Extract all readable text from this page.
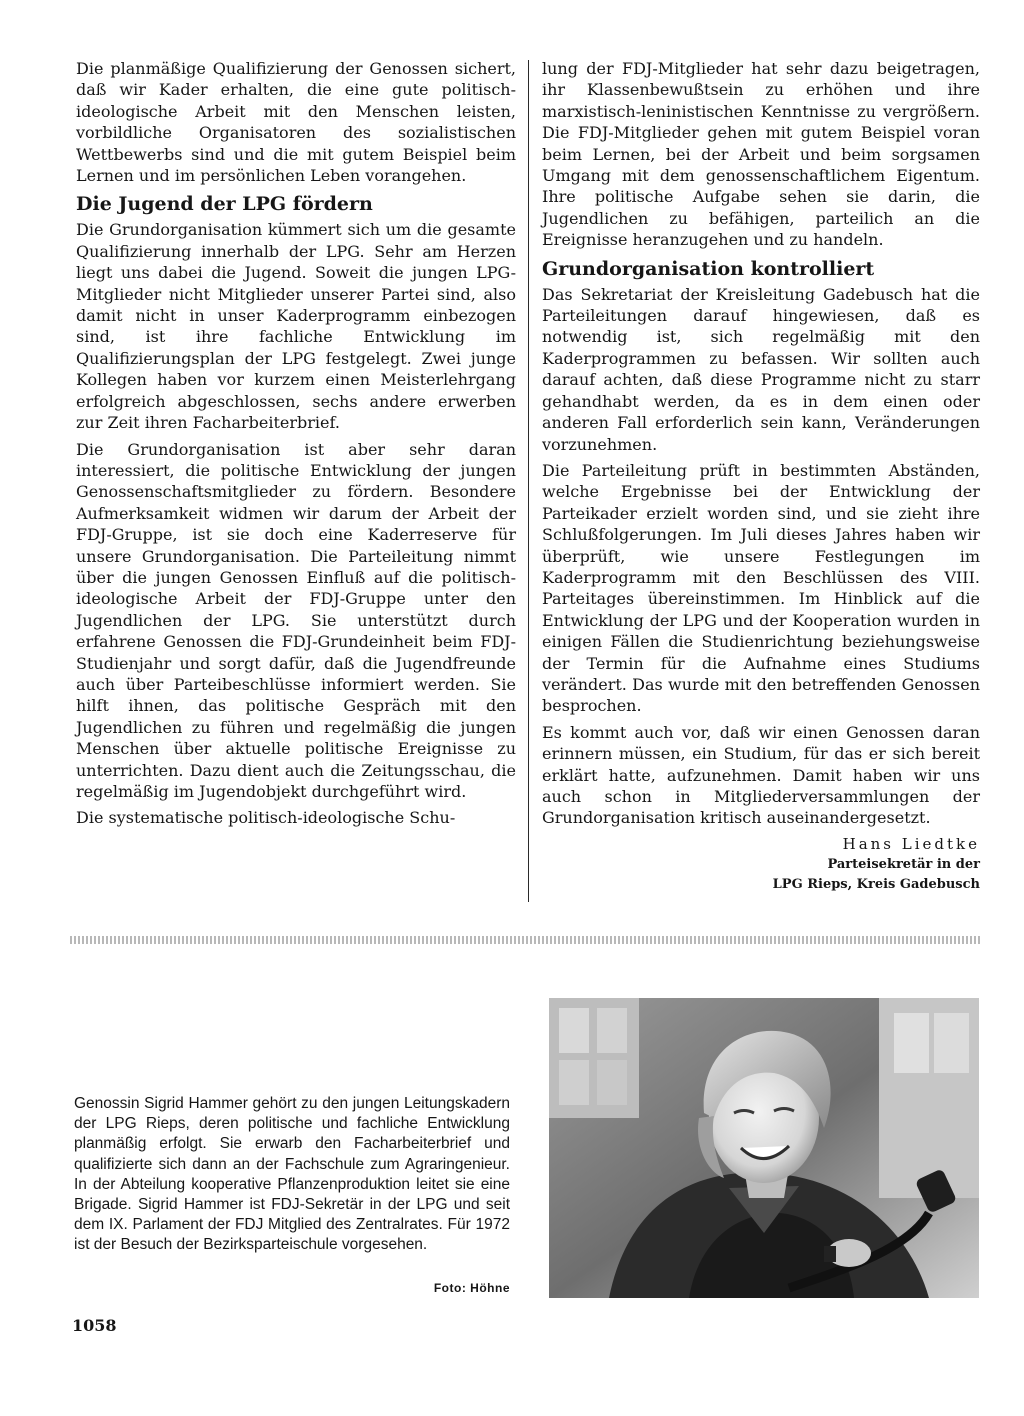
Die planmäßige Qualifizierung der Genossen sichert, daß wir Kader erhalten, die eine gute politisch-ideologische Arbeit mit den Menschen leisten, vorbildliche Organisatoren des sozialistischen Wettbewerbs sind und die mit gutem Beispiel beim Lernen und im persönlichen Leben vorangehen.

Die Jugend der LPG fördern

Die Grundorganisation kümmert sich um die gesamte Qualifizierung innerhalb der LPG. Sehr am Herzen liegt uns dabei die Jugend. Soweit die jungen LPG-Mitglieder nicht Mitglieder unserer Partei sind, also damit nicht in unser Kaderprogramm einbezogen sind, ist ihre fachliche Entwicklung im Qualifizierungsplan der LPG festgelegt. Zwei junge Kollegen haben vor kurzem einen Meisterlehrgang erfolgreich abgeschlossen, sechs andere erwerben zur Zeit ihren Facharbeiterbrief.

Die Grundorganisation ist aber sehr daran interessiert, die politische Entwicklung der jungen Genossenschaftsmitglieder zu fördern. Besondere Aufmerksamkeit widmen wir darum der Arbeit der FDJ-Gruppe, ist sie doch eine Kaderreserve für unsere Grundorganisation. Die Parteileitung nimmt über die jungen Genossen Einfluß auf die politisch-ideologische Arbeit der FDJ-Gruppe unter den Jugendlichen der LPG. Sie unterstützt durch erfahrene Genossen die FDJ-Grundeinheit beim FDJ-Studienjahr und sorgt dafür, daß die Jugendfreunde auch über Parteibeschlüsse informiert werden. Sie hilft ihnen, das politische Gespräch mit den Jugendlichen zu führen und regelmäßig die jungen Menschen über aktuelle politische Ereignisse zu unterrichten. Dazu dient auch die Zeitungsschau, die regelmäßig im Jugendobjekt durchgeführt wird.

Die systematische politisch-ideologische Schu-

lung der FDJ-Mitglieder hat sehr dazu beigetragen, ihr Klassenbewußtsein zu erhöhen und ihre marxistisch-leninistischen Kenntnisse zu vergrößern. Die FDJ-Mitglieder gehen mit gutem Beispiel voran beim Lernen, bei der Arbeit und beim sorgsamen Umgang mit dem genossenschaftlichem Eigentum. Ihre politische Aufgabe sehen sie darin, die Jugendlichen zu befähigen, parteilich an die Ereignisse heranzugehen und zu handeln.

Grundorganisation kontrolliert

Das Sekretariat der Kreisleitung Gadebusch hat die Parteileitungen darauf hingewiesen, daß es notwendig ist, sich regelmäßig mit den Kaderprogrammen zu befassen. Wir sollten auch darauf achten, daß diese Programme nicht zu starr gehandhabt werden, da es in dem einen oder anderen Fall erforderlich sein kann, Veränderungen vorzunehmen.

Die Parteileitung prüft in bestimmten Abständen, welche Ergebnisse bei der Entwicklung der Parteikader erzielt worden sind, und sie zieht ihre Schlußfolgerungen. Im Juli dieses Jahres haben wir überprüft, wie unsere Festlegungen im Kaderprogramm mit den Beschlüssen des VIII. Parteitages übereinstimmen. Im Hinblick auf die Entwicklung der LPG und der Kooperation wurden in einigen Fällen die Studienrichtung beziehungsweise der Termin für die Aufnahme eines Studiums verändert. Das wurde mit den betreffenden Genossen besprochen.

Es kommt auch vor, daß wir einen Genossen daran erinnern müssen, ein Studium, für das er sich bereit erklärt hatte, aufzunehmen. Damit haben wir uns auch schon in Mitgliederversammlungen der Grundorganisation kritisch auseinandergesetzt.

Hans Liedtke
Parteisekretär in der
LPG Rieps, Kreis Gadebusch

Genossin Sigrid Hammer gehört zu den jungen Leitungskadern der LPG Rieps, deren politische und fachliche Entwicklung planmäßig erfolgt. Sie erwarb den Facharbeiterbrief und qualifizierte sich dann an der Fachschule zum Agraringenieur. In der Abteilung kooperative Pflanzenproduktion leitet sie eine Brigade. Sigrid Hammer ist FDJ-Sekretär in der LPG und seit dem IX. Parlament der FDJ Mitglied des Zentralrates. Für 1972 ist der Besuch der Bezirksparteischule vorgesehen.

Foto: Höhne
1058
